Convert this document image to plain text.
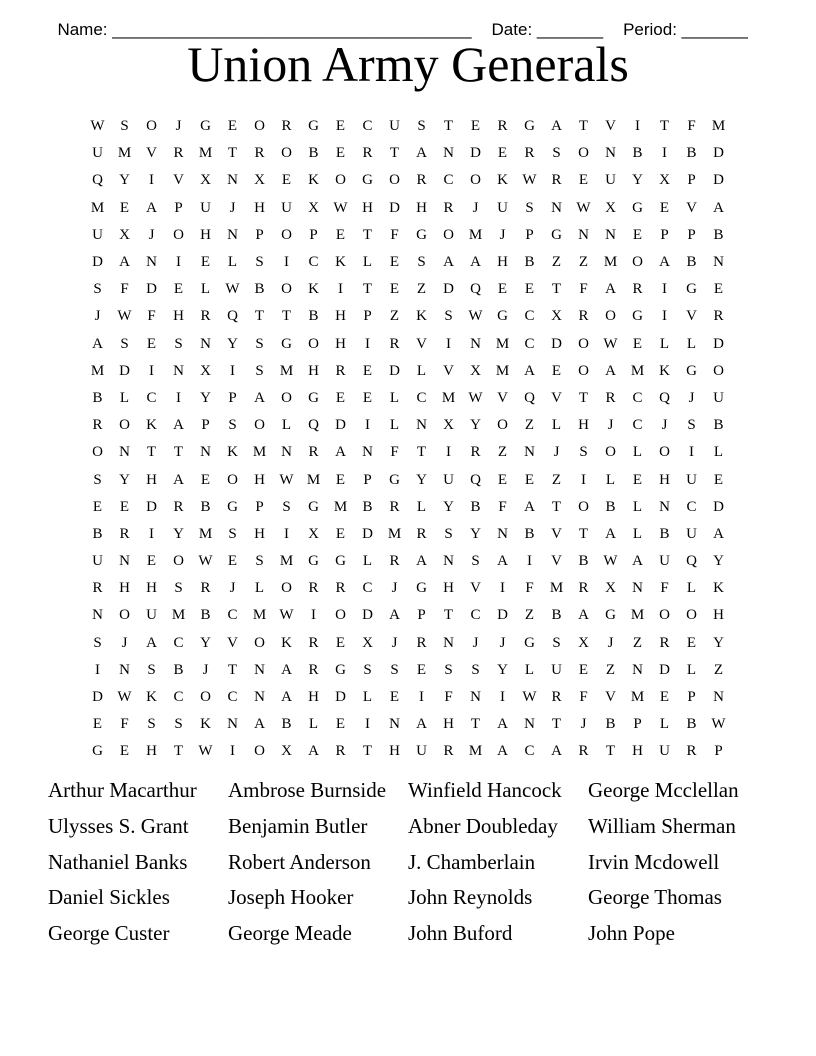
Name: ______________________________________ Date: _______ Period: _______

Union Army Generals
W	S	O	J	G	E	O	R	G	E	C	U	S	T	E	R	G	A	T	V	I	T	F	M
U M V	R	M	T	R	O	B	E	R	T	A	N	D	E	R	S	O	N	B	I	B	D
Q	Y	I	V	X	N	X	E	K	O	G	O	R	C	O	K W R	E	U	Y	X	P	D
M	E	A	P	U	J	H	U	X W H	D	H	R	J	U	S	N W X	G	E	V	A
U	X	J	O	H	N	P	O	P	E	T	F	G	O M	J	P	G	N	N	E	P	P	B
D	A	N	I	E	L	S	I	C	K	L	E	S	A	A	H	B	Z	Z	M O	A	B	N
S	F	D	E	L	W B	O	K	I	T	E	Z	D	Q	E	E	T	F	A	R	I	G	E
J	W	F	H	R	Q	T	T	B	H	P	Z	K	S	W G	C	X	R	O	G	I	V	R
A	S	E	S	N	Y	S	G	O	H	I	R	V	I	N M	C	D	O W	E	L	L	D
M D	I	N	X	I	S	M H	R	E	D	L	V	X M A	E	O	A M K	G	O
B	L	C	I	Y	P	A	O	G	E	E	L	C	M W V	Q	V	T	R	C	Q	J	U
R	O	K	A	P	S	O	L	Q	D	I	L	N	X	Y	O	Z	L	H	J	C	J	S	B
O	N	T	T	N	K M N	R	A	N	F	T	I	R	Z	N	J	S	O	L	O	I	L
S	Y	H	A	E	O	H W M	E	P	G	Y	U	Q	E	E	Z	I	L	E	H	U	E
E	E	D	R	B	G	P	S	G M	B	R	L	Y	B	F	A	T	O	B	L	N	C	D
B	R	I	Y M	S	H	I	X	E	D M	R	S	Y	N	B	V	T	A	L	B	U	A
U	N	E	O W	E	S	M G	G	L	R	A	N	S	A	I	V	B W A	U	Q	Y
R	H	H	S	R	J	L	O	R	R	C	J	G	H	V	I	F	M	R	X	N	F	L	K
N	O	U M	B	C	M W	I	O	D	A	P	T	C	D	Z	B	A	G M O	O	H
S	J	A	C	Y	V	O	K	R	E	X	J	R	N	J	J	G	S	X	J	Z	R	E	Y
I	N	S	B	J	T	N	A	R	G	S	S	E	S	S	Y	L	U	E	Z	N	D	L	Z
D W K	C	O	C	N	A	H	D	L	E	I	F	N	I	W R	F	V M	E	P	N
E	F	S	S	K	N	A	B	L	E	I	N	A	H	T	A	N	T	J	B	P	L	B W
G	E	H	T	W	I	O	X	A	R	T	H	U	R	M A	C	A	R	T	H	U	R	P
Arthur Macarthur	Ambrose Burnside	Winfield Hancock	George Mcclellan
Ulysses S. Grant	Benjamin Butler	Abner Doubleday	William Sherman
Nathaniel Banks	Robert Anderson	J. Chamberlain	Irvin Mcdowell
Daniel Sickles	Joseph Hooker	John Reynolds	George Thomas
George Custer	George Meade	John Buford	John Pope
